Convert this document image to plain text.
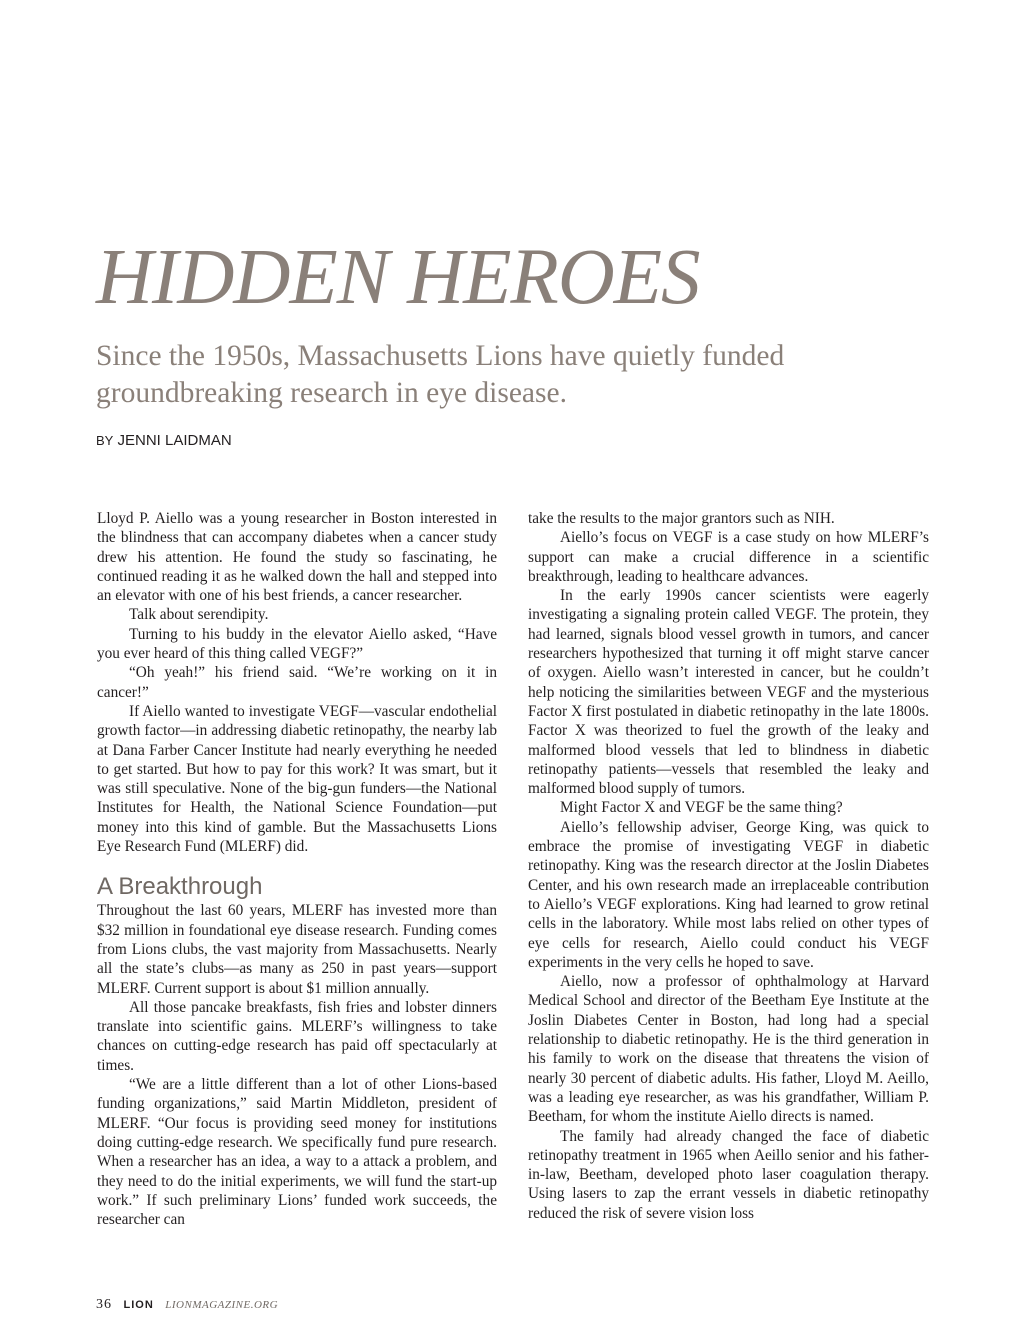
HIDDEN HEROES
Since the 1950s, Massachusetts Lions have quietly funded groundbreaking research in eye disease.
BY JENNI LAIDMAN

Lloyd P. Aiello was a young researcher in Boston interested in the blindness that can accompany diabetes when a cancer study drew his attention. He found the study so fascinating, he continued reading it as he walked down the hall and stepped into an elevator with one of his best friends, a cancer researcher.

Talk about serendipity.

Turning to his buddy in the elevator Aiello asked, “Have you ever heard of this thing called VEGF?”

“Oh yeah!” his friend said. “We’re working on it in cancer!”

If Aiello wanted to investigate VEGF—vascular endothelial growth factor—in addressing diabetic retinopathy, the nearby lab at Dana Farber Cancer Institute had nearly everything he needed to get started. But how to pay for this work? It was smart, but it was still speculative. None of the big-gun funders—the National Institutes for Health, the National Science Foundation—put money into this kind of gamble. But the Massachusetts Lions Eye Research Fund (MLERF) did.

A Breakthrough

Throughout the last 60 years, MLERF has invested more than $32 million in foundational eye disease research. Funding comes from Lions clubs, the vast majority from Massachusetts. Nearly all the state’s clubs—as many as 250 in past years—support MLERF. Current support is about $1 million annually.

All those pancake breakfasts, fish fries and lobster dinners translate into scientific gains. MLERF’s willingness to take chances on cutting-edge research has paid off spectacularly at times.

“We are a little different than a lot of other Lions-based funding organizations,” said Martin Middleton, president of MLERF. “Our focus is providing seed money for institutions doing cutting-edge research. We specifically fund pure research. When a researcher has an idea, a way to a attack a problem, and they need to do the initial experiments, we will fund the start-up work.” If such preliminary Lions’ funded work succeeds, the researcher can

take the results to the major grantors such as NIH.

Aiello’s focus on VEGF is a case study on how MLERF’s support can make a crucial difference in a scientific breakthrough, leading to healthcare advances.

In the early 1990s cancer scientists were eagerly investigating a signaling protein called VEGF. The protein, they had learned, signals blood vessel growth in tumors, and cancer researchers hypothesized that turning it off might starve cancer of oxygen. Aiello wasn’t interested in cancer, but he couldn’t help noticing the similarities between VEGF and the mysterious Factor X first postulated in diabetic retinopathy in the late 1800s. Factor X was theorized to fuel the growth of the leaky and malformed blood vessels that led to blindness in diabetic retinopathy patients—vessels that resembled the leaky and malformed blood supply of tumors.

Might Factor X and VEGF be the same thing?

Aiello’s fellowship adviser, George King, was quick to embrace the promise of investigating VEGF in diabetic retinopathy. King was the research director at the Joslin Diabetes Center, and his own research made an irreplaceable contribution to Aiello’s VEGF explorations. King had learned to grow retinal cells in the laboratory. While most labs relied on other types of eye cells for research, Aiello could conduct his VEGF experiments in the very cells he hoped to save.

Aiello, now a professor of ophthalmology at Harvard Medical School and director of the Beetham Eye Institute at the Joslin Diabetes Center in Boston, had long had a special relationship to diabetic retinopathy. He is the third generation in his family to work on the disease that threatens the vision of nearly 30 percent of diabetic adults. His father, Lloyd M. Aeillo, was a leading eye researcher, as was his grandfather, William P. Beetham, for whom the institute Aiello directs is named.

The family had already changed the face of diabetic retinopathy treatment in 1965 when Aeillo senior and his father-in-law, Beetham, developed photo laser coagulation therapy. Using lasers to zap the errant vessels in diabetic retinopathy reduced the risk of severe vision loss

36 LION LIONMAGAZINE.ORG
